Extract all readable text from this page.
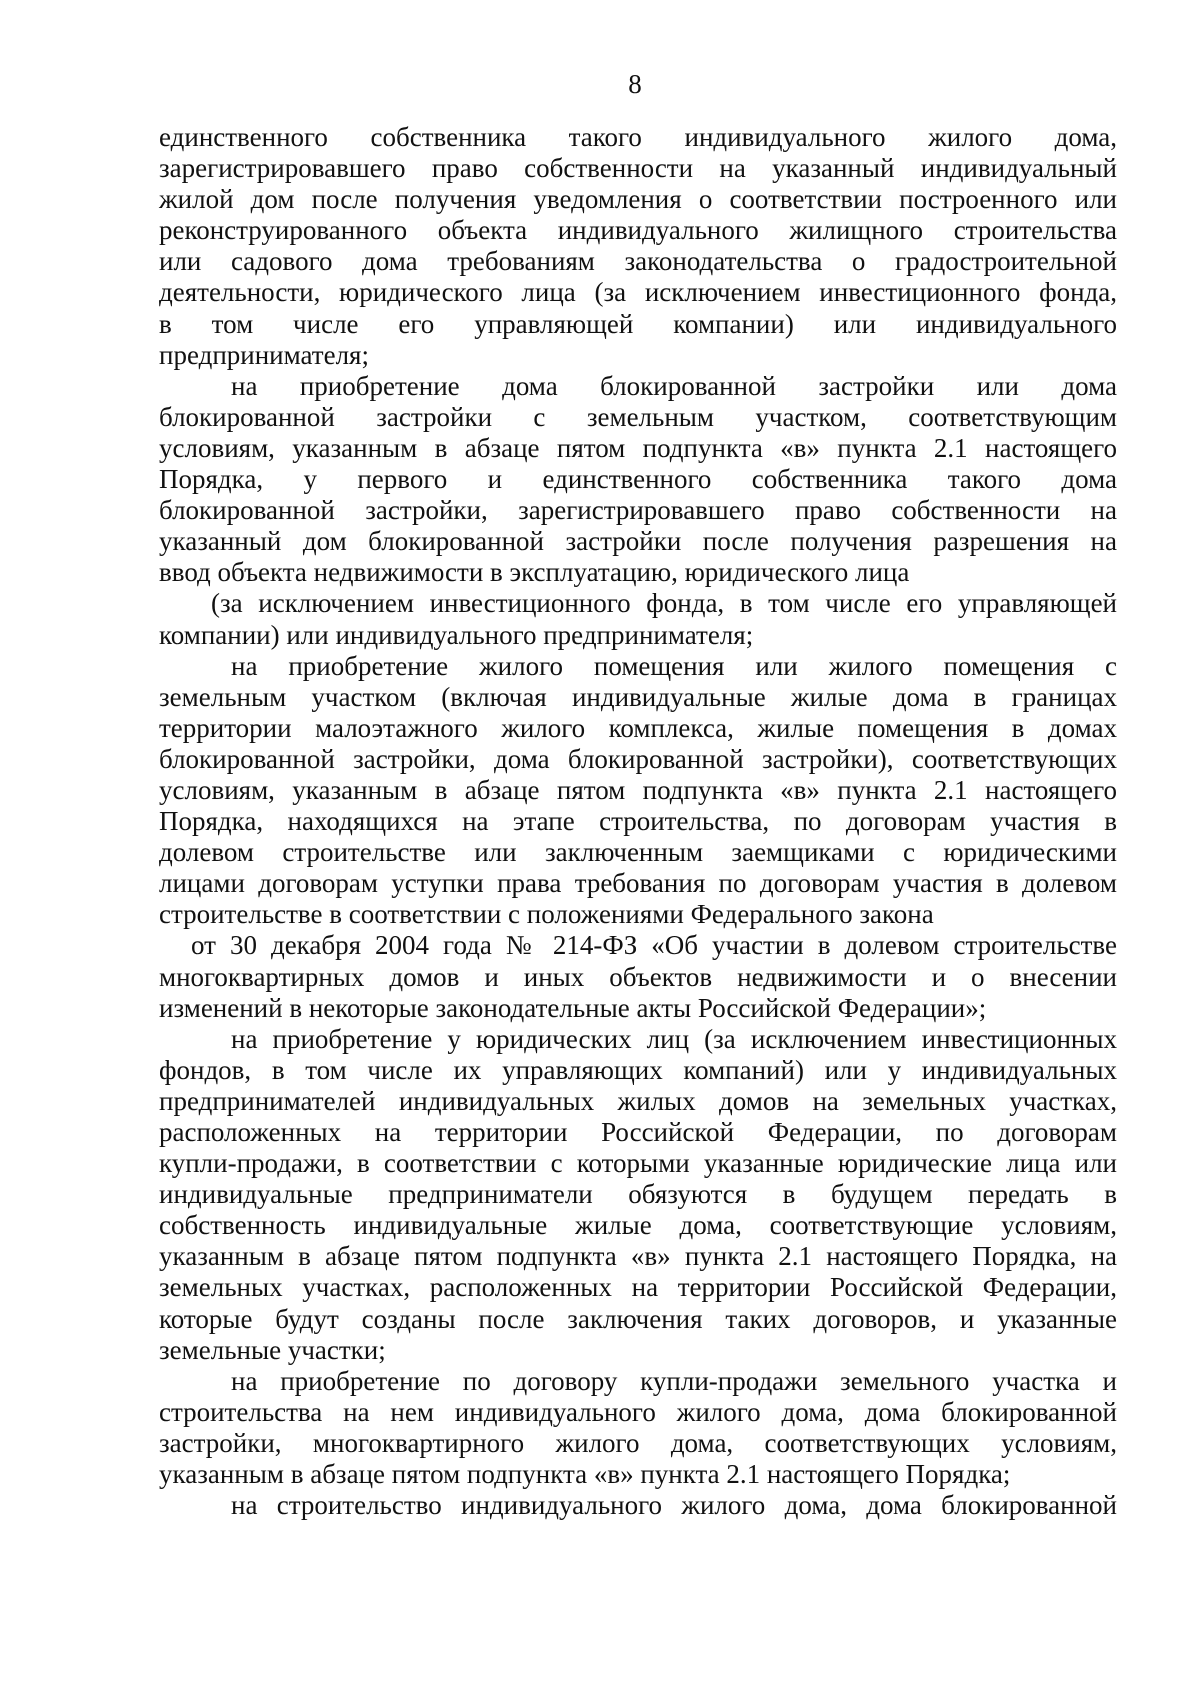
8
единственного собственника такого индивидуального жилого дома,
зарегистрировавшего право собственности на указанный индивидуальный
жилой дом после получения уведомления о соответствии построенного или
реконструированного объекта индивидуального жилищного строительства
или садового дома требованиям законодательства о градостроительной
деятельности, юридического лица (за исключением инвестиционного фонда,
в том числе его управляющей компании) или индивидуального
предпринимателя;
на приобретение дома блокированной застройки или дома
блокированной застройки с земельным участком, соответствующим
условиям, указанным в абзаце пятом подпункта «в» пункта 2.1 настоящего
Порядка, у первого и единственного собственника такого дома
блокированной застройки, зарегистрировавшего право собственности на
указанный дом блокированной застройки после получения разрешения на
ввод объекта недвижимости в эксплуатацию, юридического лица
(за исключением инвестиционного фонда, в том числе его управляющей
компании) или индивидуального предпринимателя;
на приобретение жилого помещения или жилого помещения с
земельным участком (включая индивидуальные жилые дома в границах
территории малоэтажного жилого комплекса, жилые помещения в домах
блокированной застройки, дома блокированной застройки), соответствующих
условиям, указанным в абзаце пятом подпункта «в» пункта 2.1 настоящего
Порядка, находящихся на этапе строительства, по договорам участия в
долевом строительстве или заключенным заемщиками с юридическими
лицами договорам уступки права требования по договорам участия в долевом
строительстве в соответствии с положениями Федерального закона
от 30 декабря 2004 года № 214-ФЗ «Об участии в долевом строительстве
многоквартирных домов и иных объектов недвижимости и о внесении
изменений в некоторые законодательные акты Российской Федерации»;
на приобретение у юридических лиц (за исключением инвестиционных
фондов, в том числе их управляющих компаний) или у индивидуальных
предпринимателей индивидуальных жилых домов на земельных участках,
расположенных на территории Российской Федерации, по договорам
купли-продажи, в соответствии с которыми указанные юридические лица или
индивидуальные предприниматели обязуются в будущем передать в
собственность индивидуальные жилые дома, соответствующие условиям,
указанным в абзаце пятом подпункта «в» пункта 2.1 настоящего Порядка, на
земельных участках, расположенных на территории Российской Федерации,
которые будут созданы после заключения таких договоров, и указанные
земельные участки;
на приобретение по договору купли-продажи земельного участка и
строительства на нем индивидуального жилого дома, дома блокированной
застройки, многоквартирного жилого дома, соответствующих условиям,
указанным в абзаце пятом подпункта «в» пункта 2.1 настоящего Порядка;
на строительство индивидуального жилого дома, дома блокированной
